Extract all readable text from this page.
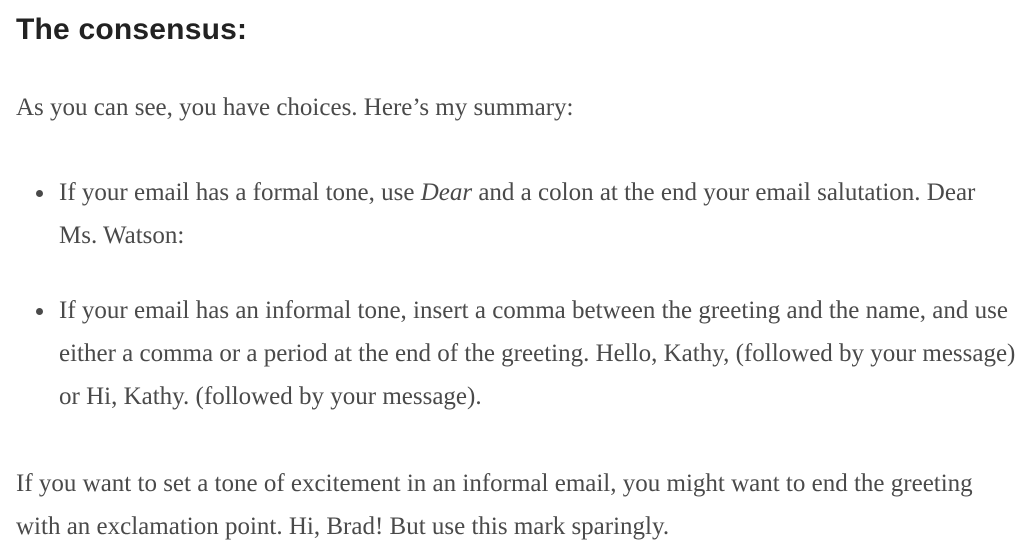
The consensus:

As you can see, you have choices. Here’s my summary:

If your email has a formal tone, use Dear and a colon at the end your email salutation. Dear Ms. Watson:
If your email has an informal tone, insert a comma between the greeting and the name, and use either a comma or a period at the end of the greeting. Hello, Kathy, (followed by your message) or Hi, Kathy. (followed by your message).

If you want to set a tone of excitement in an informal email, you might want to end the greeting with an exclamation point. Hi, Brad! But use this mark sparingly.
